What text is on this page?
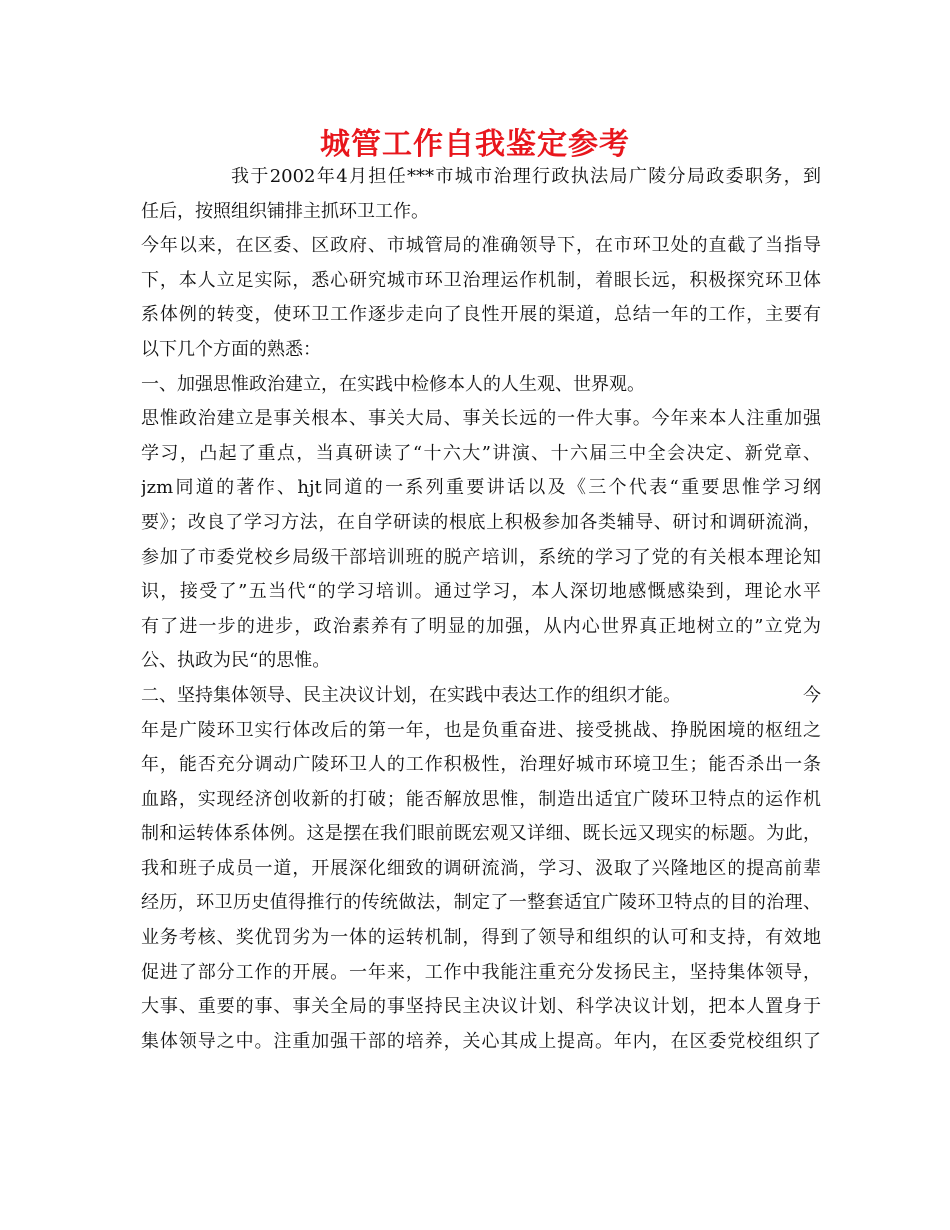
城管工作自我鉴定参考
我于2002年4月担任***市城市治理行政执法局广陵分局政委职务，到
任后，按照组织铺排主抓环卫工作。
今年以来，在区委、区政府、市城管局的准确领导下，在市环卫处的直截了当指导
下，本人立足实际，悉心研究城市环卫治理运作机制，着眼长远，积极探究环卫体
系体例的转变，使环卫工作逐步走向了良性开展的渠道，总结一年的工作，主要有
以下几个方面的熟悉：
一、加强思惟政治建立，在实践中检修本人的人生观、世界观。
思惟政治建立是事关根本、事关大局、事关长远的一件大事。今年来本人注重加强
学习，凸起了重点，当真研读了“十六大”讲演、十六届三中全会决定、新党章、
jzm同道的著作、hjt同道的一系列重要讲话以及《三个代表“重要思惟学习纲
要》；改良了学习方法，在自学研读的根底上积极参加各类辅导、研讨和调研流淌，
参加了市委党校乡局级干部培训班的脱产培训，系统的学习了党的有关根本理论知
识，接受了”五当代“的学习培训。通过学习，本人深切地感慨感染到，理论水平
有了进一步的进步，政治素养有了明显的加强，从内心世界真正地树立的”立党为
公、执政为民“的思惟。
二、坚持集体领导、民主决议计划，在实践中表达工作的组织才能。	今
年是广陵环卫实行体改后的第一年，也是负重奋进、接受挑战、挣脱困境的枢纽之
年，能否充分调动广陵环卫人的工作积极性，治理好城市环境卫生；能否杀出一条
血路，实现经济创收新的打破；能否解放思惟，制造出适宜广陵环卫特点的运作机
制和运转体系体例。这是摆在我们眼前既宏观又详细、既长远又现实的标题。为此，
我和班子成员一道，开展深化细致的调研流淌，学习、汲取了兴隆地区的提高前辈
经历，环卫历史值得推行的传统做法，制定了一整套适宜广陵环卫特点的目的治理、
业务考核、奖优罚劣为一体的运转机制，得到了领导和组织的认可和支持，有效地
促进了部分工作的开展。一年来，工作中我能注重充分发扬民主，坚持集体领导，
大事、重要的事、事关全局的事坚持民主决议计划、科学决议计划，把本人置身于
集体领导之中。注重加强干部的培养，关心其成上提高。年内，在区委党校组织了
